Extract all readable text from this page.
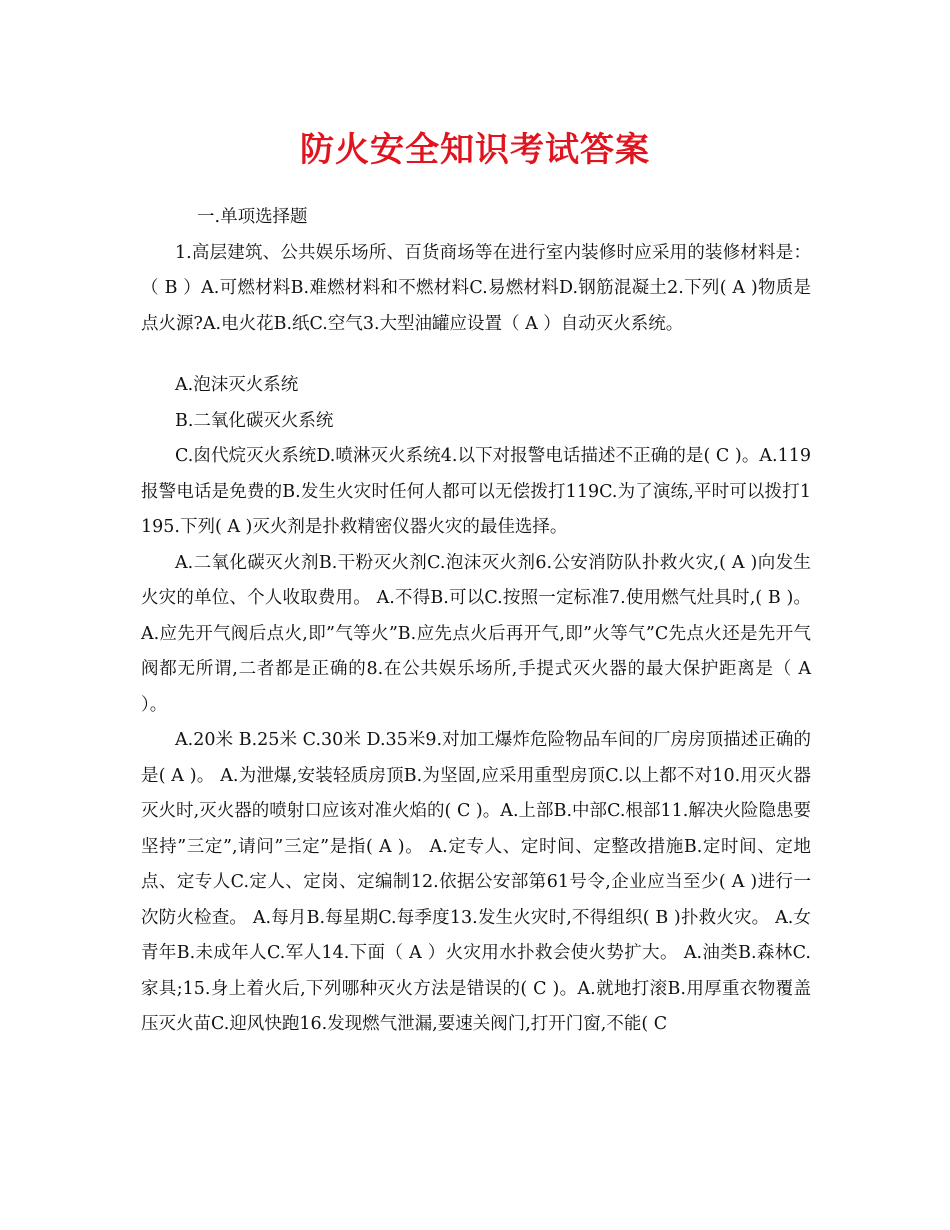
防火安全知识考试答案

一.单项选择题

1.高层建筑、公共娱乐场所、百货商场等在进行室内装修时应采用的装修材料是：（ B ）A.可燃材料B.难燃材料和不燃材料C.易燃材料D.钢筋混凝土2.下列( A )物质是点火源?A.电火花B.纸C.空气3.大型油罐应设置（ A ）自动灭火系统。

A.泡沫灭火系统

B.二氧化碳灭火系统

C.囱代烷灭火系统D.喷淋灭火系统4.以下对报警电话描述不正确的是( C )。A.119报警电话是免费的B.发生火灾时任何人都可以无偿拨打119C.为了演练,平时可以拨打1195.下列( A )灭火剂是扑救精密仪器火灾的最佳选择。

A.二氧化碳灭火剂B.干粉灭火剂C.泡沫灭火剂6.公安消防队扑救火灾,( A )向发生火灾的单位、个人收取费用。 A.不得B.可以C.按照一定标准7.使用燃气灶具时,( B )。 A.应先开气阀后点火,即”气等火”B.应先点火后再开气,即”火等气”C先点火还是先开气阀都无所谓,二者都是正确的8.在公共娱乐场所,手提式灭火器的最大保护距离是（ A ）。

A.20米 B.25米 C.30米 D.35米9.对加工爆炸危险物品车间的厂房房顶描述正确的是( A )。 A.为泄爆,安装轻质房顶B.为坚固,应采用重型房顶C.以上都不对10.用灭火器灭火时,灭火器的喷射口应该对准火焰的( C )。A.上部B.中部C.根部11.解决火险隐患要坚持”三定”,请问”三定”是指( A )。 A.定专人、定时间、定整改措施B.定时间、定地点、定专人C.定人、定岗、定编制12.依据公安部第61号令,企业应当至少( A )进行一次防火检查。 A.每月B.每星期C.每季度13.发生火灾时,不得组织( B )扑救火灾。 A.女青年B.未成年人C.军人14.下面（ A ）火灾用水扑救会使火势扩大。 A.油类B.森林C.家具;15.身上着火后,下列哪种灭火方法是错误的( C )。A.就地打滚B.用厚重衣物覆盖压灭火苗C.迎风快跑16.发现燃气泄漏,要速关阀门,打开门窗,不能( C
